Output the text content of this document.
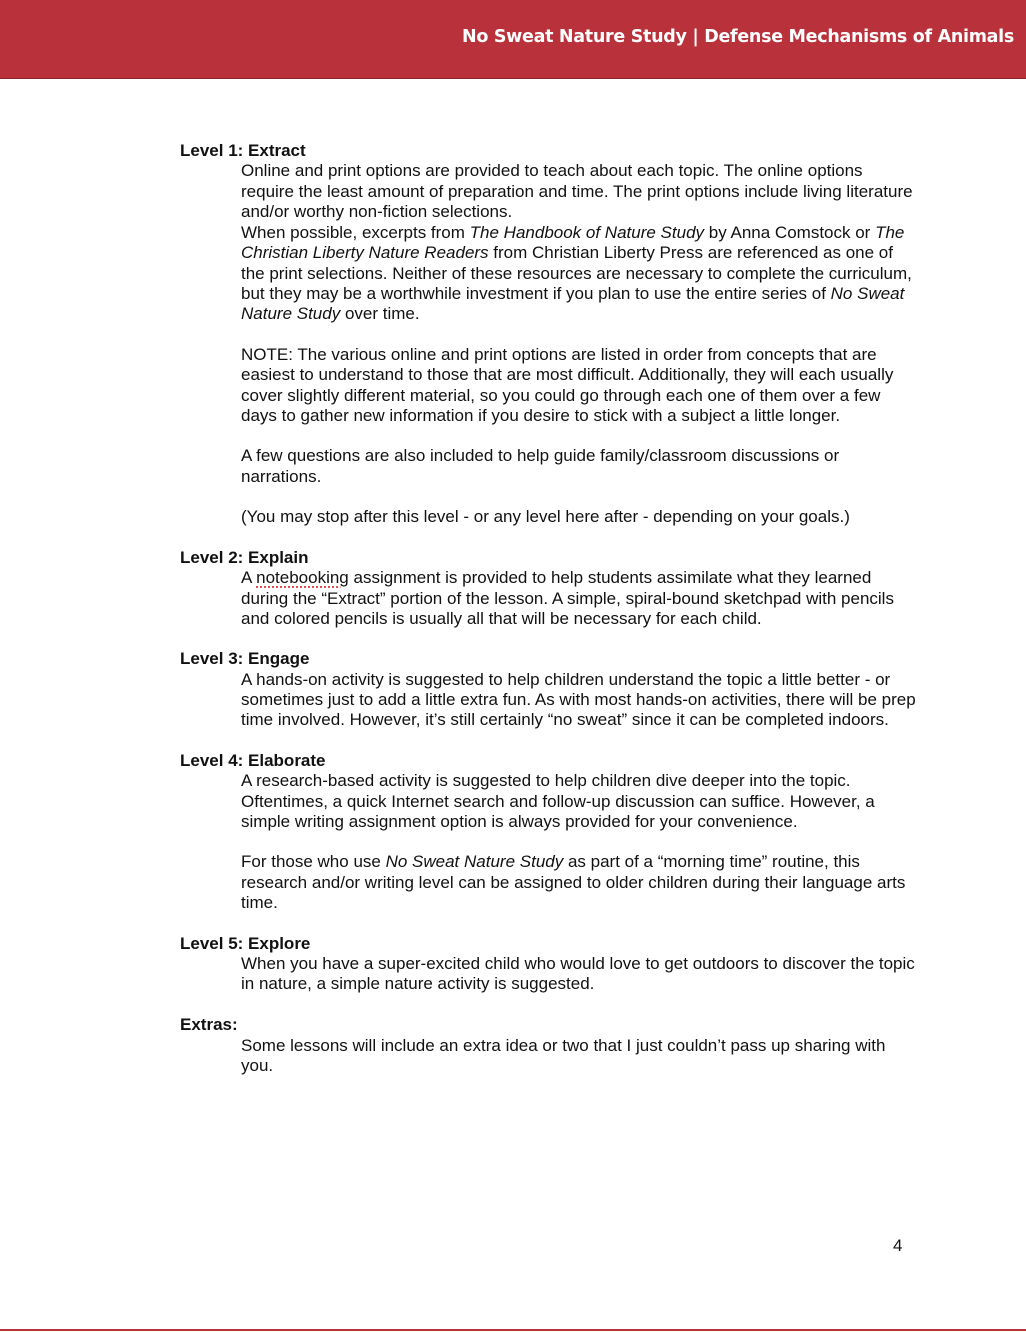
No Sweat Nature Study | Defense Mechanisms of Animals

Level 1: Extract

Online and print options are provided to teach about each topic. The online options require the least amount of preparation and time. The print options include living literature and/or worthy non-fiction selections.

When possible, excerpts from The Handbook of Nature Study by Anna Comstock or The Christian Liberty Nature Readers from Christian Liberty Press are referenced as one of the print selections. Neither of these resources are necessary to complete the curriculum, but they may be a worthwhile investment if you plan to use the entire series of No Sweat Nature Study over time.

NOTE: The various online and print options are listed in order from concepts that are easiest to understand to those that are most difficult. Additionally, they will each usually cover slightly different material, so you could go through each one of them over a few days to gather new information if you desire to stick with a subject a little longer.

A few questions are also included to help guide family/classroom discussions or narrations.

(You may stop after this level - or any level here after - depending on your goals.)

Level 2: Explain

A notebooking assignment is provided to help students assimilate what they learned during the “Extract” portion of the lesson. A simple, spiral-bound sketchpad with pencils and colored pencils is usually all that will be necessary for each child.

Level 3: Engage

A hands-on activity is suggested to help children understand the topic a little better - or sometimes just to add a little extra fun. As with most hands-on activities, there will be prep time involved. However, it’s still certainly “no sweat” since it can be completed indoors.

Level 4: Elaborate

A research-based activity is suggested to help children dive deeper into the topic. Oftentimes, a quick Internet search and follow-up discussion can suffice. However, a simple writing assignment option is always provided for your convenience.

For those who use No Sweat Nature Study as part of a “morning time” routine, this research and/or writing level can be assigned to older children during their language arts time.

Level 5: Explore

When you have a super-excited child who would love to get outdoors to discover the topic in nature, a simple nature activity is suggested.

Extras:

Some lessons will include an extra idea or two that I just couldn’t pass up sharing with you.

4
